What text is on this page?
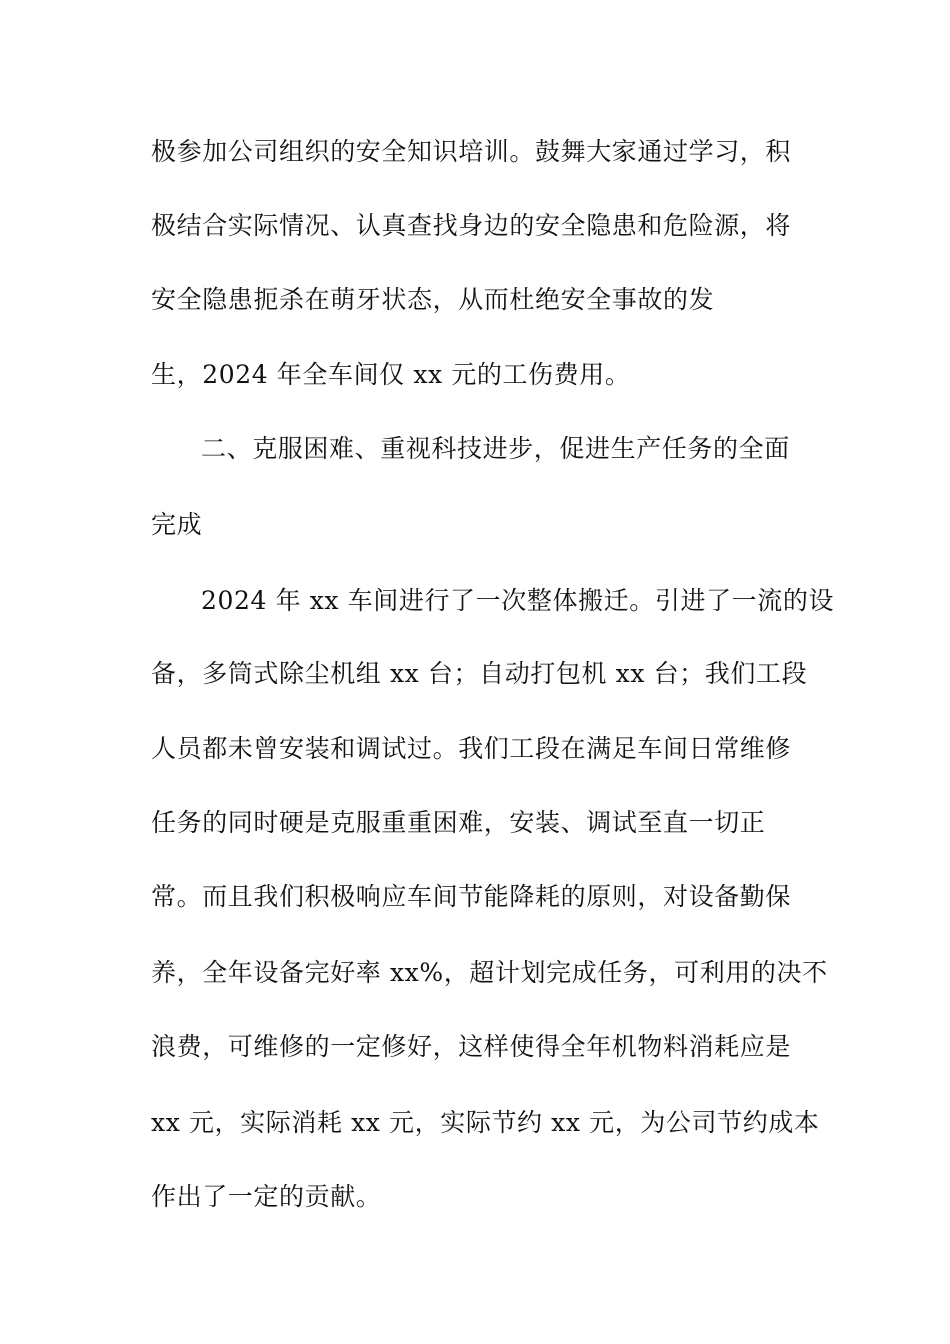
极参加公司组织的安全知识培训。鼓舞大家通过学习，积
极结合实际情况、认真查找身边的安全隐患和危险源，将
安全隐患扼杀在萌牙状态，从而杜绝安全事故的发
生，2024 年全车间仅 xx 元的工伤费用。
二、克服困难、重视科技进步，促进生产任务的全面
完成
2024 年 xx 车间进行了一次整体搬迁。引进了一流的设
备，多筒式除尘机组 xx 台；自动打包机 xx 台；我们工段
人员都未曾安装和调试过。我们工段在满足车间日常维修
任务的同时硬是克服重重困难，安装、调试至直一切正
常。而且我们积极响应车间节能降耗的原则，对设备勤保
养，全年设备完好率 xx%，超计划完成任务，可利用的决不
浪费，可维修的一定修好，这样使得全年机物料消耗应是
xx 元，实际消耗 xx 元，实际节约 xx 元，为公司节约成本
作出了一定的贡献。
